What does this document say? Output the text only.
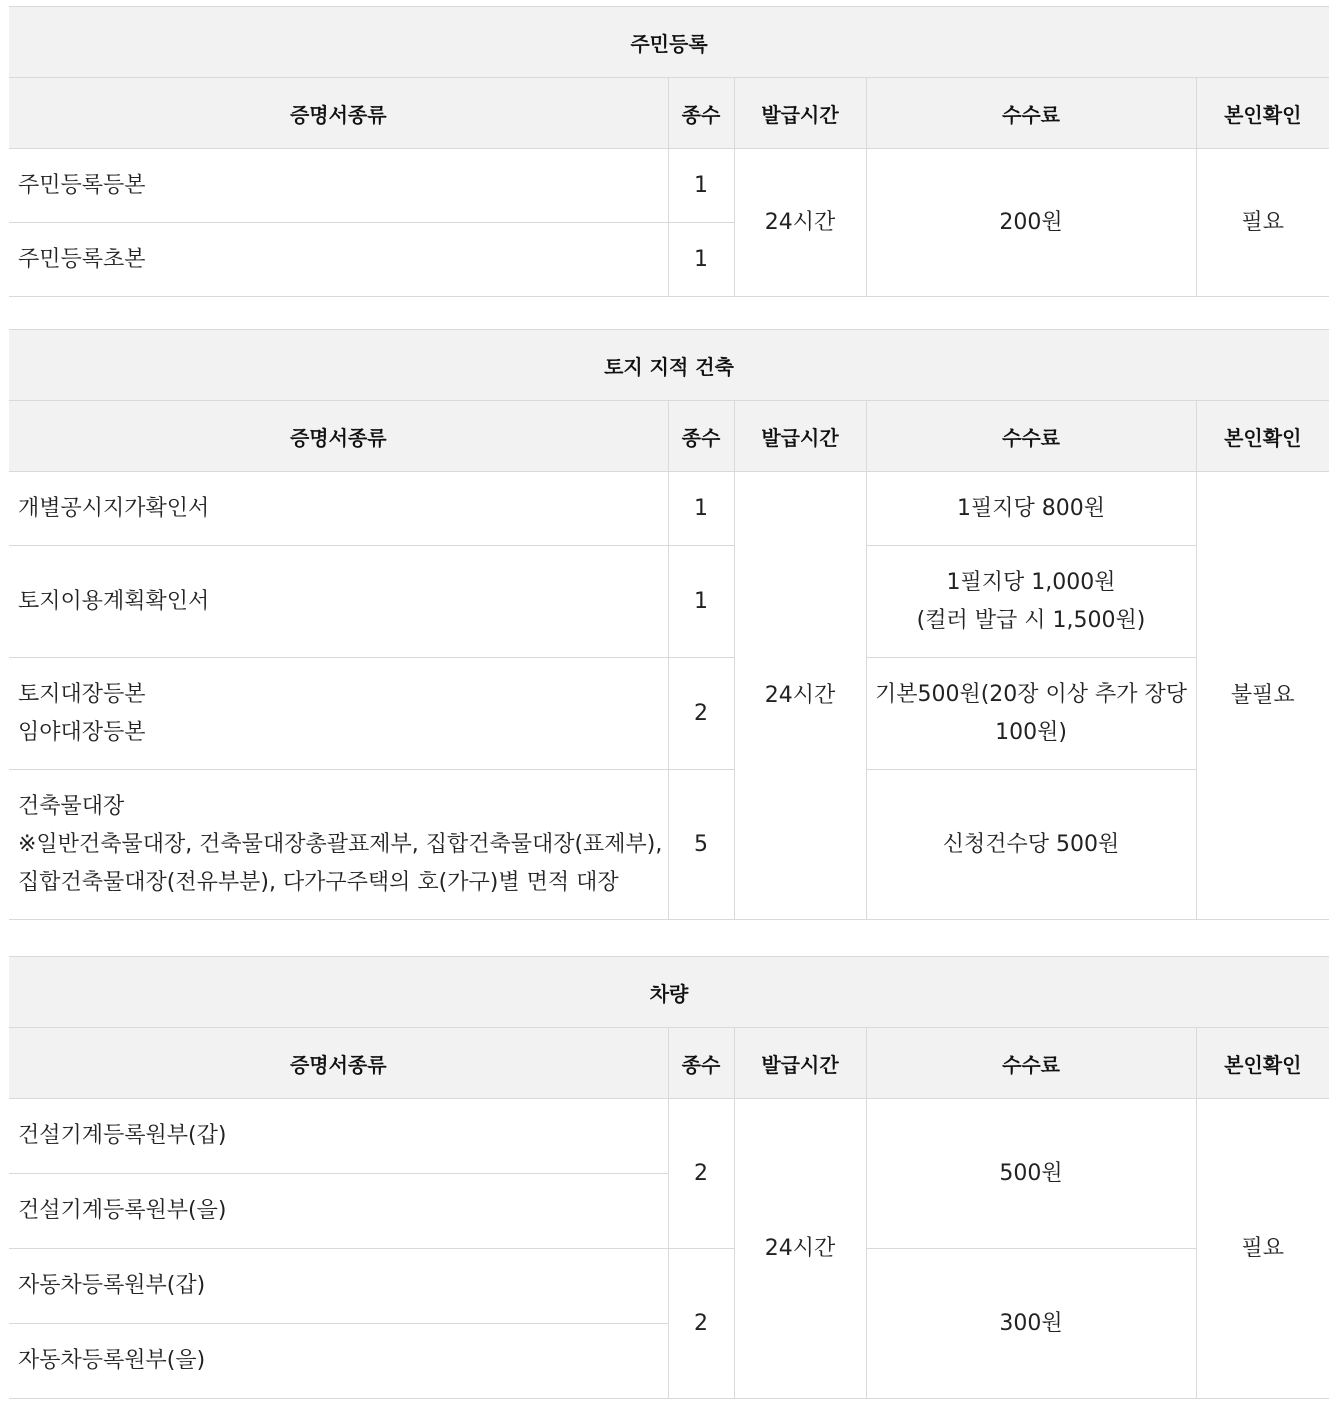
주민등록				
증명서종류	종수	발급시간	수수료	본인확인
주민등록등본	1	24시간	200원	필요
주민등록초본	1			
토지 지적 건축				
증명서종류	종수	발급시간	수수료	본인확인

개별공시지가확인서	1	24시간	1필지당 800원	불필요

토지이용계획확인서	1		1필지당 1,000원
(컬러 발급 시 1,500원)	

토지대장등본
임야대장등본	2		기본500원(20장 이상 추가 장당
100원)	

건축물대장
※일반건축물대장, 건축물대장총괄표제부, 집합건축물대장(표제부),
집합건축물대장(전유부분), 다가구주택의 호(가구)별 면적 대장	5		신청건수당 500원	
차량				
증명서종류	종수	발급시간	수수료	본인확인
건설기계등록원부(갑)	2	24시간	500원	필요
건설기계등록원부(을)				
자동차등록원부(갑)	2		300원	
자동차등록원부(을)				
